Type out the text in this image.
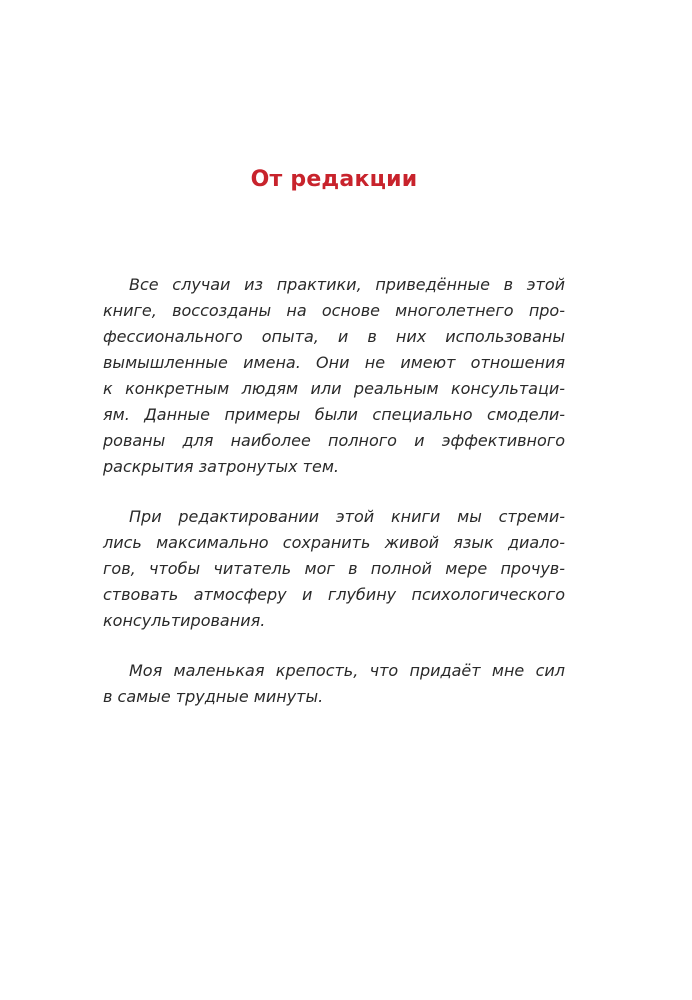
От редакции
Все случаи из практики, приведённые в этой
книге, воссозданы на основе многолетнего про-
фессионального опыта, и в них использованы
вымышленные имена. Они не имеют отношения
к конкретным людям или реальным консультаци-
ям. Данные примеры были специально смодели-
рованы для наиболее полного и эффективного
раскрытия затронутых тем.
При редактировании этой книги мы стреми-
лись максимально сохранить живой язык диало-
гов, чтобы читатель мог в полной мере прочув-
ствовать атмосферу и глубину психологического
консультирования.
Моя маленькая крепость, что придаёт мне сил
в самые трудные минуты.
